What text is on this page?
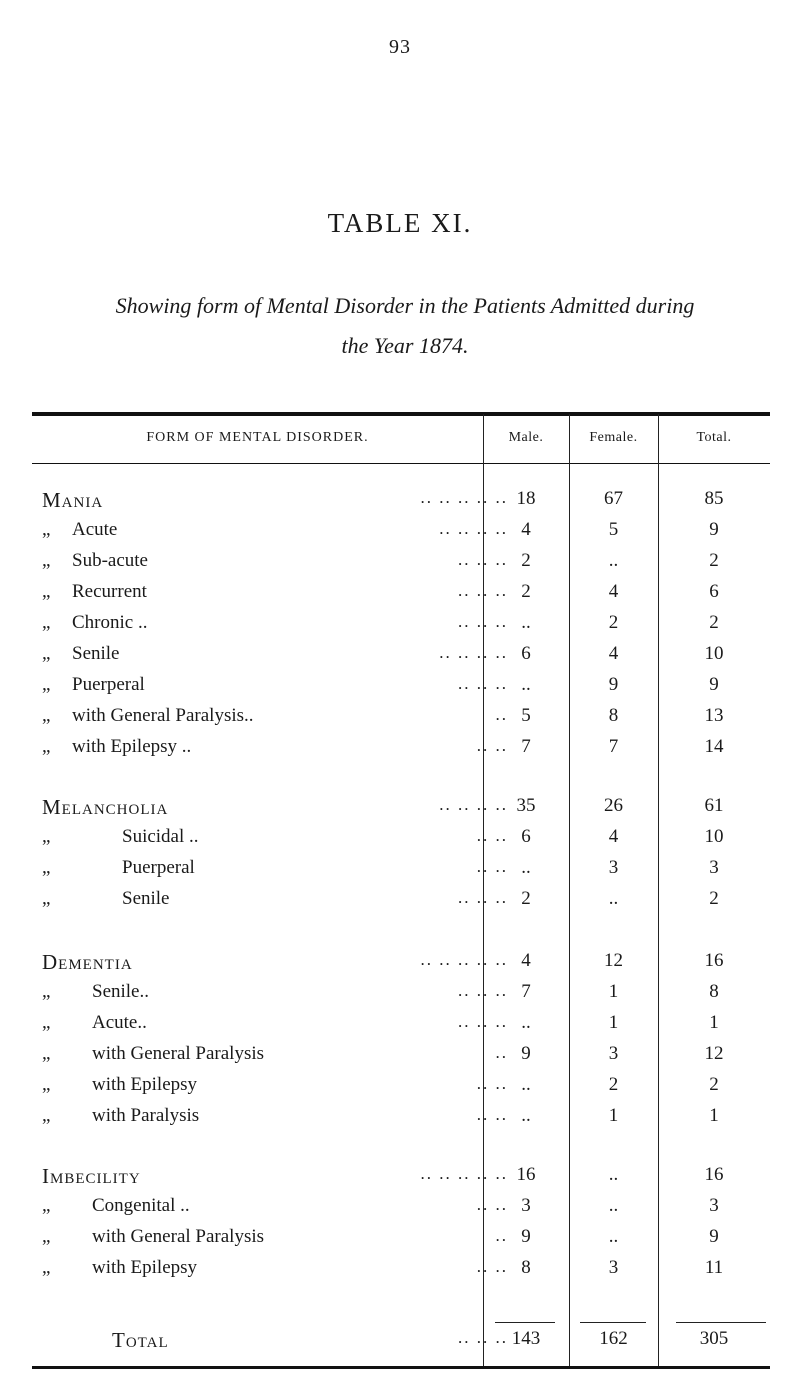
93
TABLE XI.
Showing form of Mental Disorder in the Patients Admitted during
the Year 1874.
FORM OF MENTAL DISORDER.	Male.	Female.	Total.
Mania	.. .. .. .. .. 18	67	85
„ Acute	.. .. .. .. 4	5	9
„ Sub-acute	.. .. .. 2	..	2
„ Recurrent	.. .. .. 2	4	6
„ Chronic ..	.. .. .. ..	2	2
„ Senile	.. .. .. .. 6	4	10
„ Puerperal	.. .. .. ..	9	9
„ with General Paralysis..	.. 5	8	13
„ with Epilepsy ..	.. .. 7	7	14
Melancholia	.. .. .. .. 35	26	61
„	Suicidal ..	.. .. 6	4	10
„	Puerperal	.. .. ..	3	3
„	Senile	.. .. .. 2	..	2
Dementia	.. .. .. .. .. 4	12	16
„ Senile..	.. .. .. 7	1	8
„ Acute..	.. .. .. ..	1	1
„ with General Paralysis	.. 9	3	12
„ with Epilepsy	.. .. ..	2	2
„ with Paralysis	.. .. ..	1	1
Imbecility	.. .. .. .. .. 16	..	16
„ Congenital ..	.. .. 3	..	3
„ with General Paralysis	.. 9	..	9
„ with Epilepsy	.. .. 8	3	11
Total	.. .. .. 143	162	305
